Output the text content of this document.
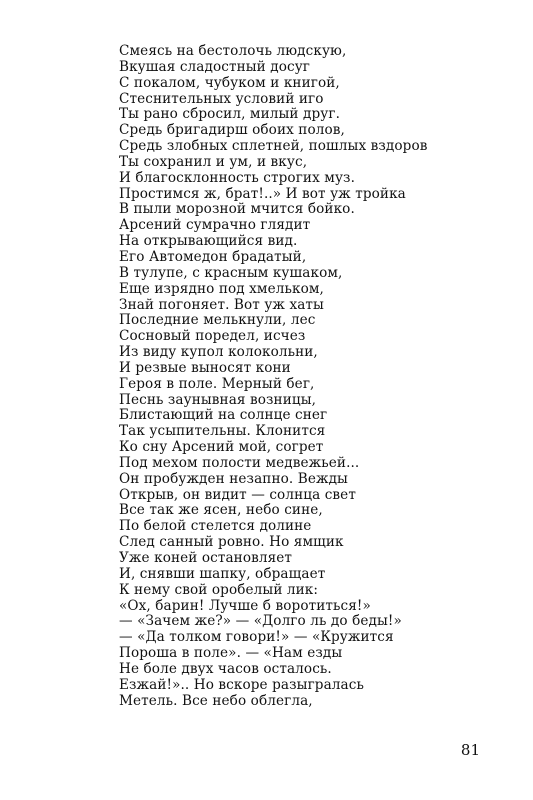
Смеясь на бестолочь людскую,
Вкушая сладостный досуг
С покалом, чубуком и книгой,
Стеснительных условий иго
Ты рано сбросил, милый друг.
Средь бригадирш обоих полов,
Средь злобных сплетней, пошлых вздоров
Ты сохранил и ум, и вкус,
И благосклонность строгих муз.
Простимся ж, брат!..» И вот уж тройка
В пыли морозной мчится бойко.
Арсений сумрачно глядит
На открывающийся вид.
Его Автомедон брадатый,
В тулупе, с красным кушаком,
Еще изрядно под хмельком,
Знай погоняет. Вот уж хаты
Последние мелькнули, лес
Сосновый поредел, исчез
Из виду купол колокольни,
И резвые выносят кони
Героя в поле. Мерный бег,
Песнь заунывная возницы,
Блистающий на солнце снег
Так усыпительны. Клонится
Ко сну Арсений мой, согрет
Под мехом полости медвежьей...
Он пробужден незапно. Вежды
Открыв, он видит — солнца свет
Все так же ясен, небо сине,
По белой стелется долине
След санный ровно. Но ямщик
Уже коней остановляет
И, снявши шапку, обращает
К нему свой оробелый лик:
«Ох, барин! Лучше б воротиться!»
— «Зачем же?» — «Долго ль до беды!»
— «Да толком говори!» — «Кружится
Пороша в поле». — «Нам езды
Не боле двух часов осталось.
Езжай!».. Но вскоре разыгралась
Метель. Все небо облегла,
81
